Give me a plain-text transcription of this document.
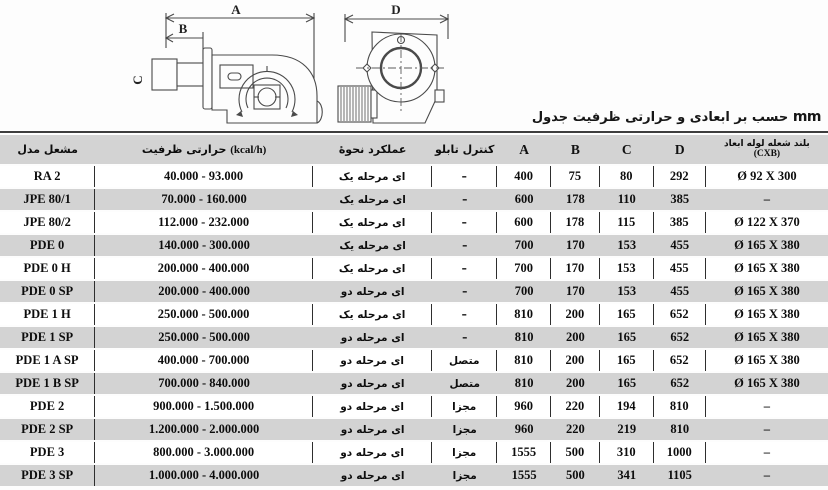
A
B
C
D
جدول ظرفیت حرارتی و ابعادی بر حسب mm
مدل مشعل	ظرفیت حرارتی (kcal/h)	نحوهٔ عملکرد	تابلو کنترل	A	B	C	D	ابعاد لوله شعله بلند
(CXB)

RA 2	40.000 - 93.000	یک مرحله ای	–	400	75	80	292	Ø 92 X 300
JPE 80/1	70.000 - 160.000	یک مرحله ای	–	600	178	110	385	–
JPE 80/2	112.000 - 232.000	یک مرحله ای	–	600	178	115	385	Ø 122 X 370
PDE 0	140.000 - 300.000	یک مرحله ای	–	700	170	153	455	Ø 165 X 380
PDE 0 H	200.000 - 400.000	یک مرحله ای	–	700	170	153	455	Ø 165 X 380
PDE 0 SP	200.000 - 400.000	دو مرحله ای	–	700	170	153	455	Ø 165 X 380
PDE 1 H	250.000 - 500.000	یک مرحله ای	–	810	200	165	652	Ø 165 X 380
PDE 1 SP	250.000 - 500.000	دو مرحله ای	–	810	200	165	652	Ø 165 X 380
PDE 1 A SP	400.000 - 700.000	دو مرحله ای	متصل	810	200	165	652	Ø 165 X 380
PDE 1 B SP	700.000 - 840.000	دو مرحله ای	متصل	810	200	165	652	Ø 165 X 380
PDE 2	900.000 - 1.500.000	دو مرحله ای	مجزا	960	220	194	810	–
PDE 2 SP	1.200.000 - 2.000.000	دو مرحله ای	مجزا	960	220	219	810	–
PDE 3	800.000 - 3.000.000	دو مرحله ای	مجزا	1555	500	310	1000	–
PDE 3 SP	1.000.000 - 4.000.000	دو مرحله ای	مجزا	1555	500	341	1105	–
